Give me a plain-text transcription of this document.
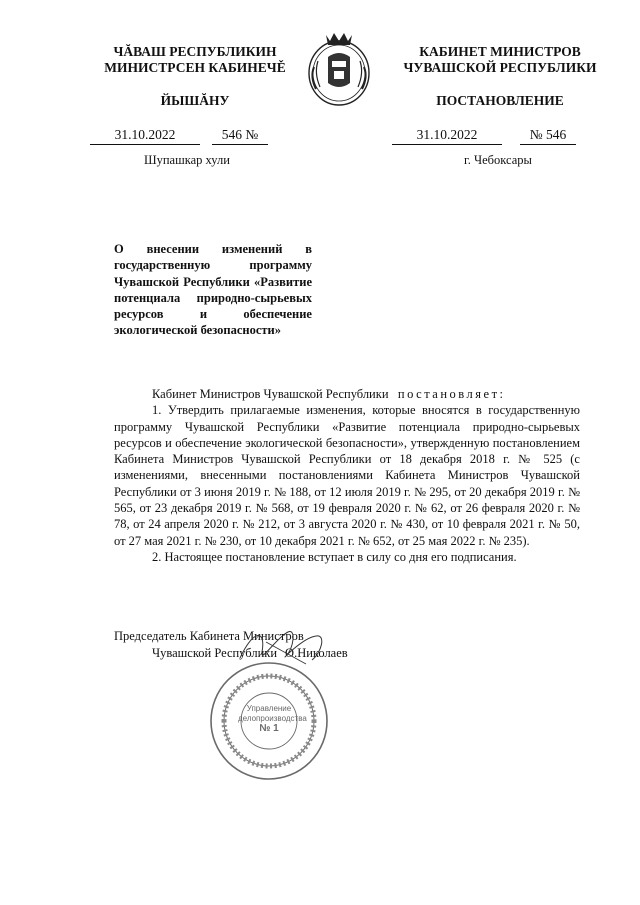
ЧĂВАШ РЕСПУБЛИКИН
МИНИСТРСЕН КАБИНЕЧĚ
ЙЫШĂНУ
31.10.2022	546 №
Шупашкар хули
КАБИНЕТ МИНИСТРОВ
ЧУВАШСКОЙ РЕСПУБЛИКИ
ПОСТАНОВЛЕНИЕ
31.10.2022	№ 546
г. Чебоксары
О внесении изменений в государственную программу Чувашской Республики «Развитие потенциала природно-сырьевых ресурсов и обеспечение экологической безопасности»

Кабинет Министров Чувашской Республики постановляет:

1. Утвердить прилагаемые изменения, которые вносятся в государственную программу Чувашской Республики «Развитие потенциала природно-сырьевых ресурсов и обеспечение экологической безопасности», утвержденную постановлением Кабинета Министров Чувашской Республики от 18 декабря 2018 г. № 525 (с изменениями, внесенными постановлениями Кабинета Министров Чувашской Республики от 3 июня 2019 г. № 188, от 12 июля 2019 г. № 295, от 20 декабря 2019 г. № 565, от 23 декабря 2019 г. № 568, от 19 февраля 2020 г. № 62, от 26 февраля 2020 г. № 78, от 24 апреля 2020 г. № 212, от 3 августа 2020 г. № 430, от 10 февраля 2021 г. № 50, от 27 мая 2021 г. № 230, от 10 декабря 2021 г. № 652, от 25 мая 2022 г. № 235).

2. Настоящее постановление вступает в силу со дня его подписания.

Председатель Кабинета Министров
Чувашской Республики О.Николаев
Управление
делопроизводства
№ 1
